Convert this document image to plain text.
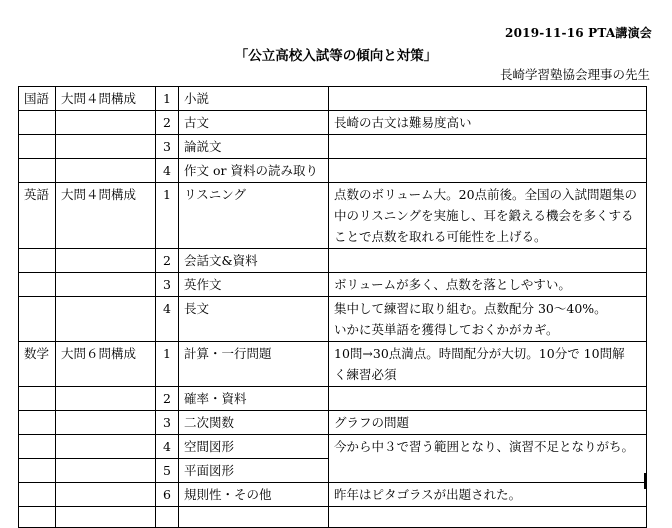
2019-11-16 PTA講演会
「公立高校入試等の傾向と対策」
長崎学習塾協会理事の先生
国語	大問４問構成	1	小説	
		2	古文	長崎の古文は難易度高い

		3	論説文	
		4	作文 or 資料の読み取り	
英語	大問４問構成	1	リスニング	点数のボリューム大。20点前後。全国の入試問題集の
中のリスニングを実施し、耳を鍛える機会を多くする
ことで点数を取れる可能性を上げる。

		2	会話文&資料	
		3	英作文	ボリュームが多く、点数を落としやすい。

		4	長文	集中して練習に取り組む。点数配分 30～40%。
いかに英単語を獲得しておくかがカギ。

数学	大問６問構成	1	計算・一行問題	10問→30点満点。時間配分が大切。10分で 10問解
く練習必須

		2	確率・資料	
		3	二次関数	グラフの問題

		4	空間図形	今から中３で習う範囲となり、演習不足となりがち。

		5	平面図形	
		6	規則性・その他	昨年はピタゴラスが出題された。
